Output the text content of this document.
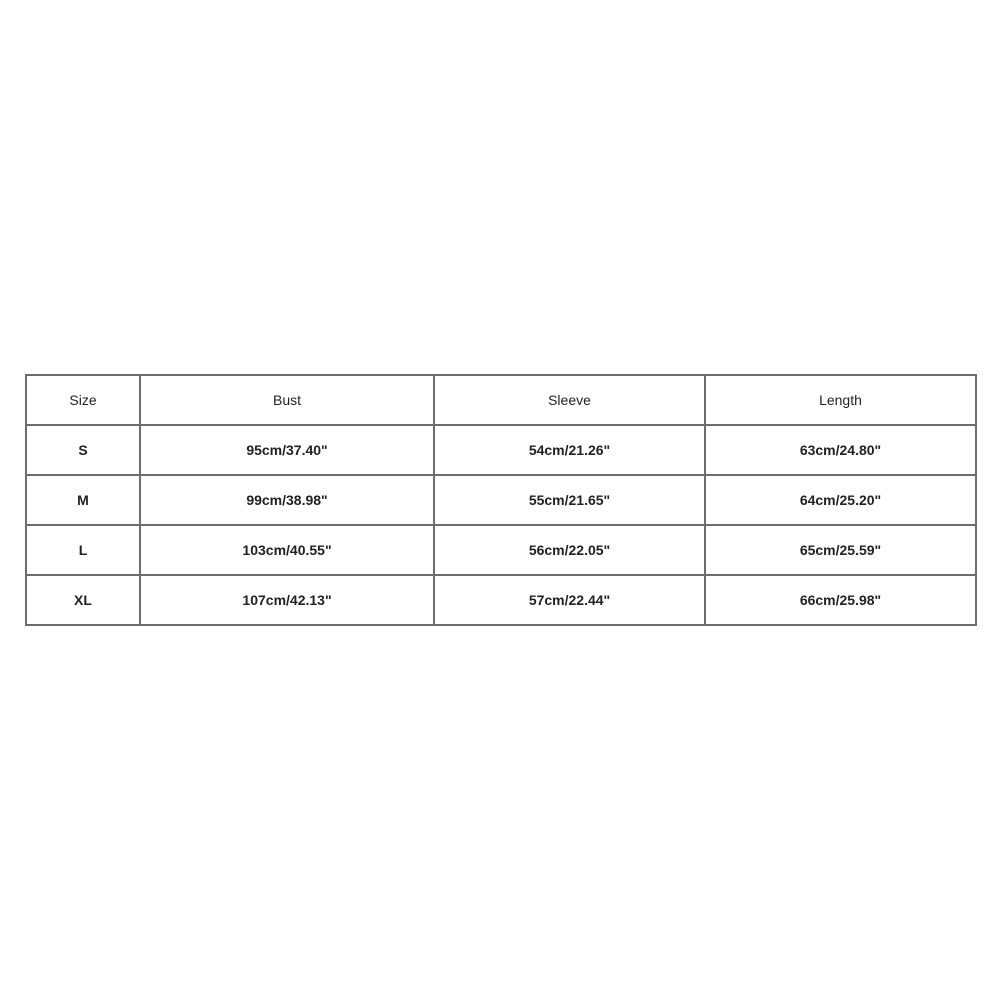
Size	Bust	Sleeve	Length
S	95cm/37.40"	54cm/21.26"	63cm/24.80"
M	99cm/38.98"	55cm/21.65"	64cm/25.20"
L	103cm/40.55"	56cm/22.05"	65cm/25.59"
XL	107cm/42.13"	57cm/22.44"	66cm/25.98"
